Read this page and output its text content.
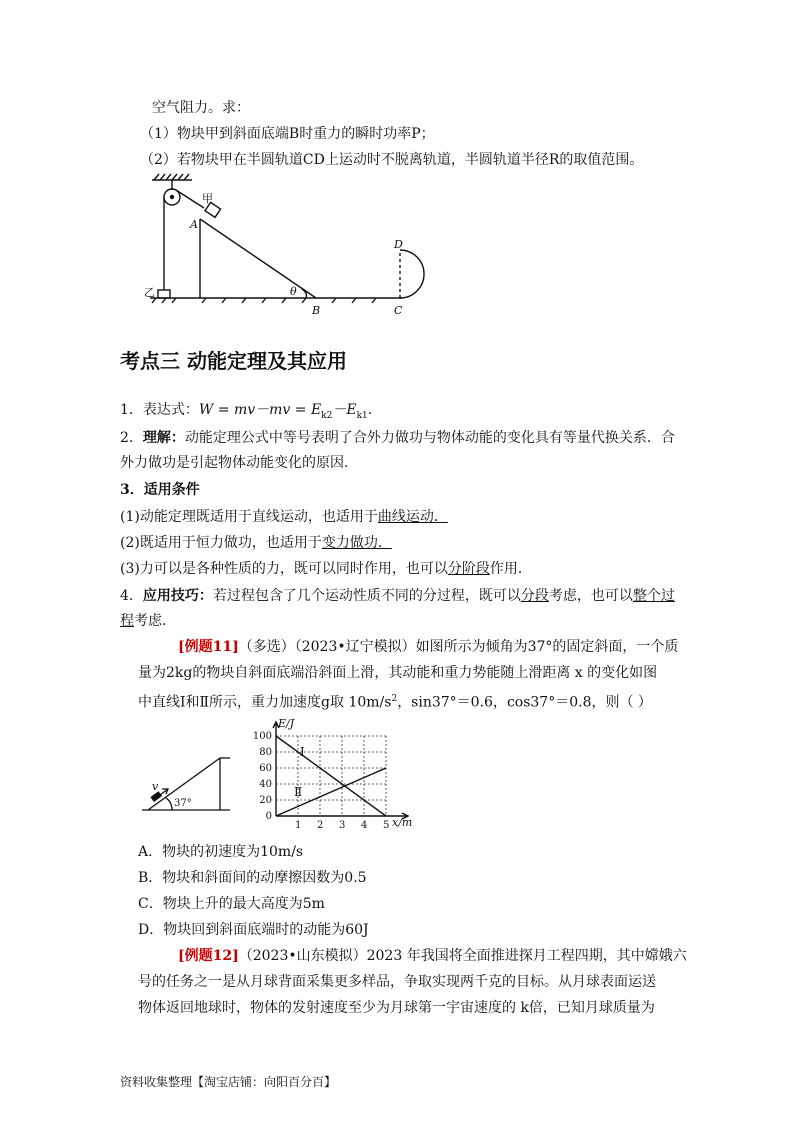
空气阻力。求：
（1）物块甲到斜面底端B时重力的瞬时功率P；
（2）若物块甲在半圆轨道CD上运动时不脱离轨道，半圆轨道半径R的取值范围。
甲
A
乙	θ
B	C
D
考点三 动能定理及其应用
1．表达式：$W = mv-mv = E_{k2}-E_{k1}$.
2．理解：动能定理公式中等号表明了合外力做功与物体动能的变化具有等量代换关系．合
外力做功是引起物体动能变化的原因．
3．适用条件
(1)动能定理既适用于直线运动，也适用于曲线运动．
(2)既适用于恒力做功，也适用于变力做功．
(3)力可以是各种性质的力，既可以同时作用，也可以分阶段作用．
4．应用技巧：若过程包含了几个运动性质不同的分过程，既可以分段考虑，也可以整个过
程考虑．
[例题11]（多选）（2023•辽宁模拟）如图所示为倾角为37°的固定斜面，一个质
量为2kg的物块自斜面底端沿斜面上滑，其动能和重力势能随上滑距离 x 的变化如图
中直线Ⅰ和Ⅱ所示，重力加速度g取 $10m/s^2$，sin37°＝0.6，cos37°＝0.8，则（ ）
v
37°
1 2 3 4 5
0
20
40
60
80
100
E/J
x/m
Ⅰ
Ⅱ
A．物块的初速度为10m/s
B．物块和斜面间的动摩擦因数为0.5
C．物块上升的最大高度为5m
D．物块回到斜面底端时的动能为60J
[例题12]（2023•山东模拟）2023 年我国将全面推进探月工程四期，其中嫦娥六
号的任务之一是从月球背面采集更多样品，争取实现两千克的目标。从月球表面运送
物体返回地球时，物体的发射速度至少为月球第一宇宙速度的 k倍，已知月球质量为
资料收集整理【淘宝店铺：向阳百分百】
